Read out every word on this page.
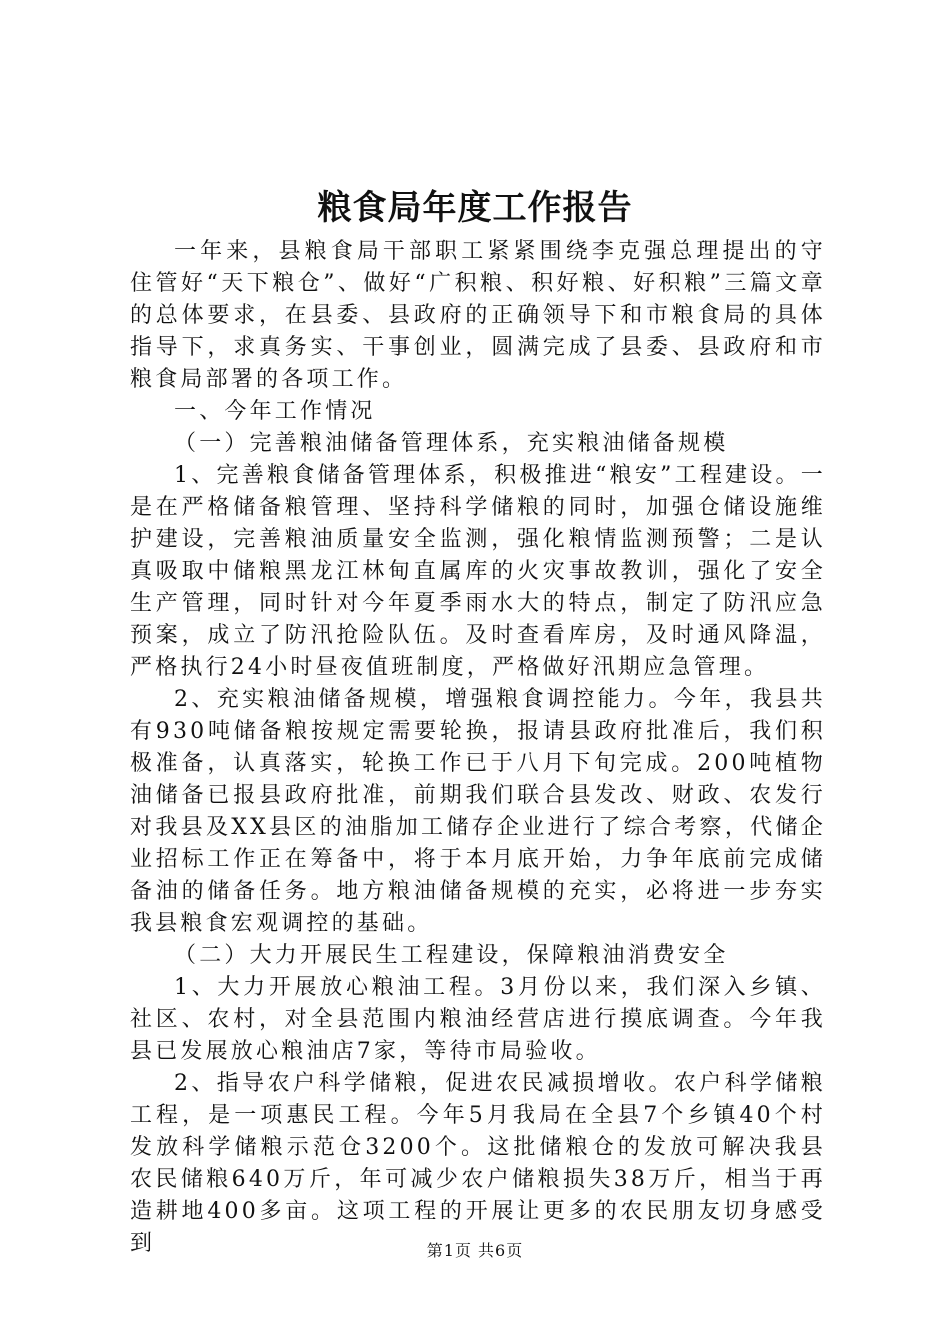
粮食局年度工作报告

一年来，县粮食局干部职工紧紧围绕李克强总理提出的守住管好“天下粮仓”、做好“广积粮、积好粮、好积粮”三篇文章的总体要求，在县委、县政府的正确领导下和市粮食局的具体指导下，求真务实、干事创业，圆满完成了县委、县政府和市粮食局部署的各项工作。

一、今年工作情况

（一）完善粮油储备管理体系，充实粮油储备规模

1、完善粮食储备管理体系，积极推进“粮安”工程建设。一是在严格储备粮管理、坚持科学储粮的同时，加强仓储设施维护建设，完善粮油质量安全监测，强化粮情监测预警；二是认真吸取中储粮黑龙江林甸直属库的火灾事故教训，强化了安全生产管理，同时针对今年夏季雨水大的特点，制定了防汛应急预案，成立了防汛抢险队伍。及时查看库房，及时通风降温，严格执行24小时昼夜值班制度，严格做好汛期应急管理。

2、充实粮油储备规模，增强粮食调控能力。今年，我县共有930吨储备粮按规定需要轮换，报请县政府批准后，我们积极准备，认真落实，轮换工作已于八月下旬完成。200吨植物油储备已报县政府批准，前期我们联合县发改、财政、农发行对我县及XX县区的油脂加工储存企业进行了综合考察，代储企业招标工作正在筹备中，将于本月底开始，力争年底前完成储备油的储备任务。地方粮油储备规模的充实，必将进一步夯实我县粮食宏观调控的基础。

（二）大力开展民生工程建设，保障粮油消费安全

1、大力开展放心粮油工程。3月份以来，我们深入乡镇、社区、农村，对全县范围内粮油经营店进行摸底调查。今年我县已发展放心粮油店7家，等待市局验收。

2、指导农户科学储粮，促进农民减损增收。农户科学储粮工程，是一项惠民工程。今年5月我局在全县7个乡镇40个村发放科学储粮示范仓3200个。这批储粮仓的发放可解决我县农民储粮640万斤，年可减少农户储粮损失38万斤，相当于再造耕地400多亩。这项工程的开展让更多的农民朋友切身感受到	第1页 共6页
